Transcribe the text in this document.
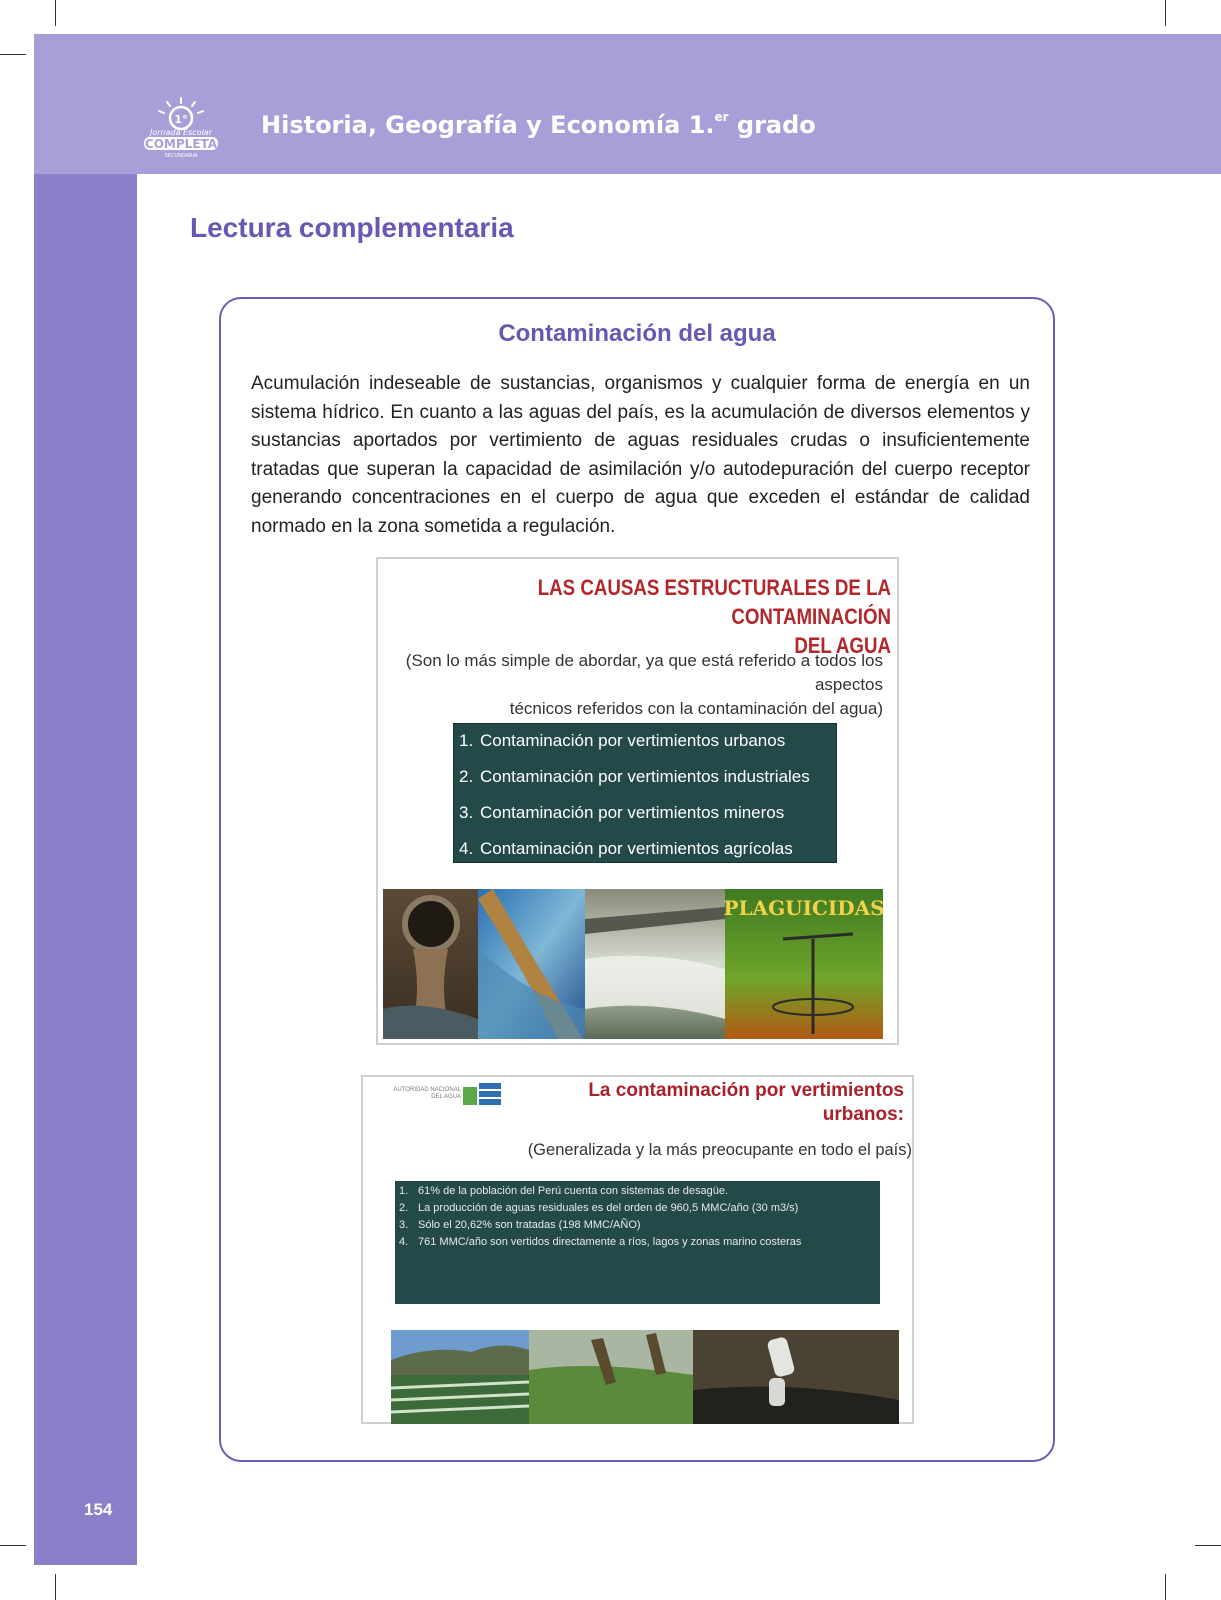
1°
Jornada Escolar
COMPLETA
SECUNDARIA
Historia, Geografía y Economía 1.$^{er}$ grado
Lectura complementaria
Contaminación del agua
Acumulación indeseable de sustancias, organismos y cualquier forma de energía en un sistema hídrico. En cuanto a las aguas del país, es la acumulación de diversos elementos y sustancias aportados por vertimiento de aguas residuales crudas o insuficientemente tratadas que superan la capacidad de asimilación y/o autodepuración del cuerpo receptor generando concentraciones en el cuerpo de agua que exceden el estándar de calidad normado en la zona sometida a regulación.
LAS CAUSAS ESTRUCTURALES DE LA CONTAMINACIÓN
DEL AGUA
(Son lo más simple de abordar, ya que está referido a todos los aspectos
técnicos referidos con la contaminación del agua)
1. Contaminación por vertimientos urbanos
2. Contaminación por vertimientos industriales
3. Contaminación por vertimientos mineros
4. Contaminación por vertimientos agrícolas
PLAGUICIDAS
AUTORIDAD NACIONAL
DEL AGUA	La contaminación por vertimientos
urbanos:
(Generalizada y la más preocupante en todo el país)
1. 61% de la población del Perú cuenta con sistemas de desagüe.
2. La producción de aguas residuales es del orden de 960,5 MMC/año (30 m3/s)
3. Sólo el 20,62% son tratadas (198 MMC/AÑO)
4. 761 MMC/año son vertidos directamente a ríos, lagos y zonas marino costeras
154
